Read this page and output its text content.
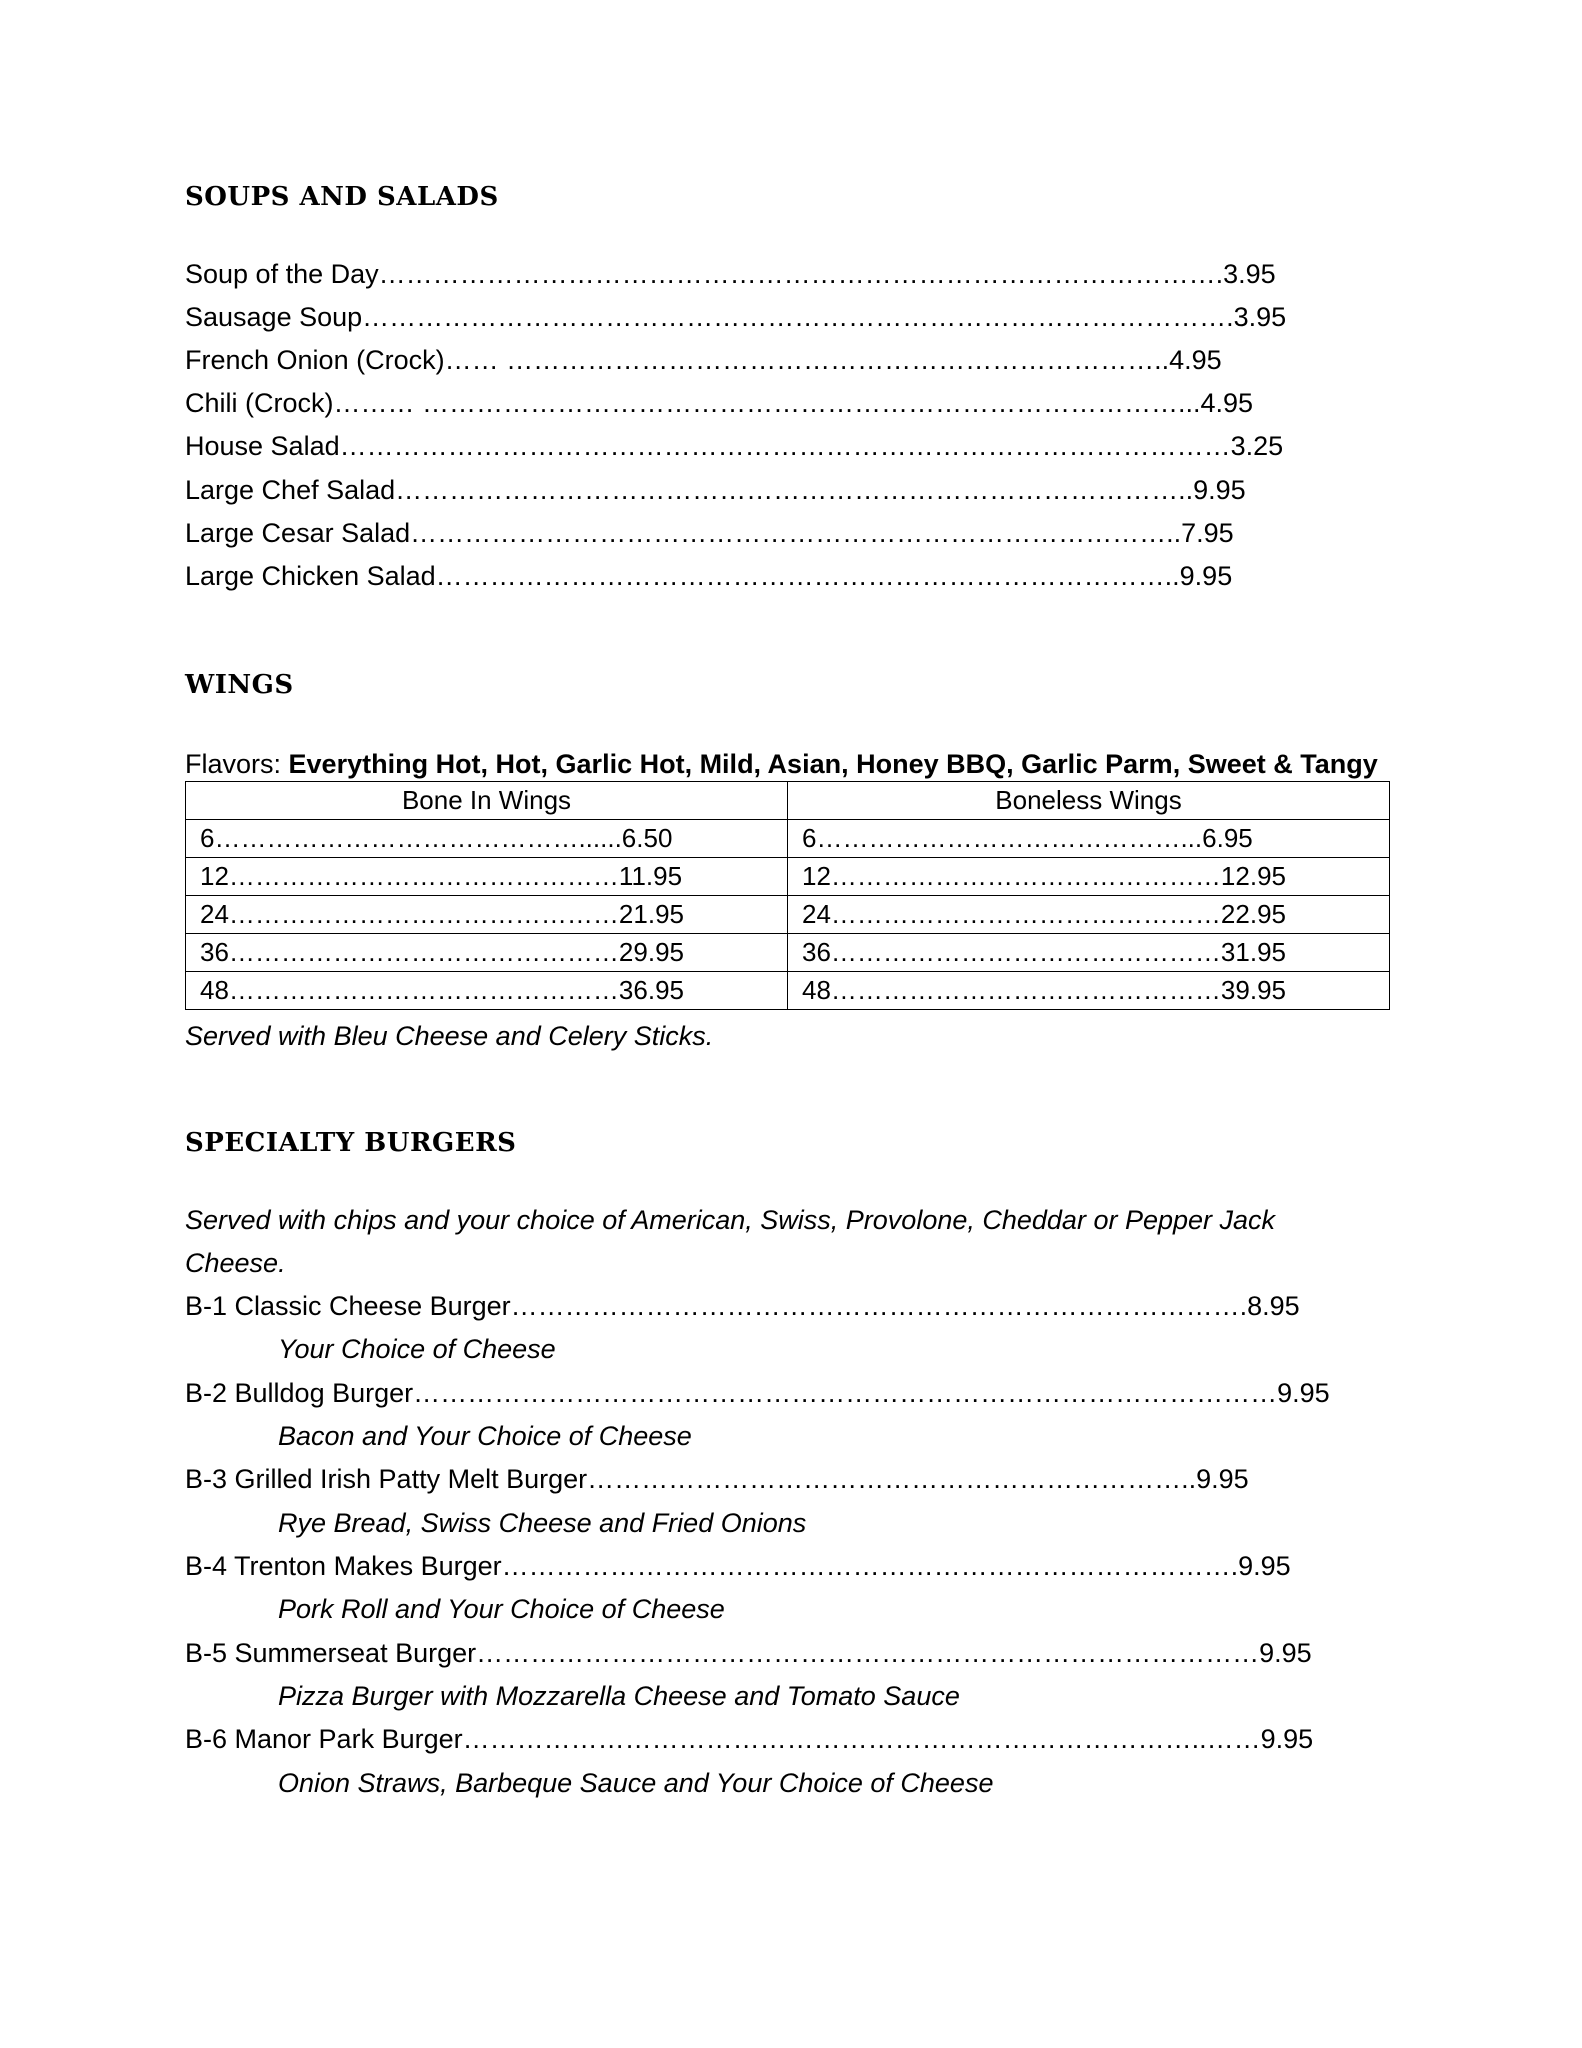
SOUPS AND SALADS
Soup of the Day………………………………………………………………………………….3.95
Sausage Soup…………………………………………………………………………………….3.95
French Onion (Crock)…… ………………………………………………………………..4.95
Chili (Crock)……… …………………………………………………………………………...4.95
House Salad………………………………………………………………………………………3.25
Large Chef Salad……………………………………………………………………………..9.95
Large Cesar Salad…………………………………………………………………………..7.95
Large Chicken Salad………………………………………………………………………..9.95
WINGS
Flavors: Everything Hot, Hot, Garlic Hot, Mild, Asian, Honey BBQ, Garlic Parm, Sweet & Tangy
Bone In Wings	Boneless Wings
6……………………………………......6.50	6……………………………………...6.95
12………………………………………11.95	12………………………………………12.95
24………………………………………21.95	24………………………………………22.95
36………………………………………29.95	36………………………………………31.95
48………………………………………36.95	48………………………………………39.95
Served with Bleu Cheese and Celery Sticks.
SPECIALTY BURGERS
Served with chips and your choice of American, Swiss, Provolone, Cheddar or Pepper Jack
Cheese.
B-1 Classic Cheese Burger……………………………………………………………………….8.95
Your Choice of Cheese
B-2 Bulldog Burger……………………………………………………………………………………9.95
Bacon and Your Choice of Cheese
B-3 Grilled Irish Patty Melt Burger…………………………………………………………..9.95
Rye Bread, Swiss Cheese and Fried Onions
B-4 Trenton Makes Burger……………………………………………………………………….9.95
Pork Roll and Your Choice of Cheese
B-5 Summerseat Burger……………………………………………………………………………9.95
Pizza Burger with Mozzarella Cheese and Tomato Sauce
B-6 Manor Park Burger………………………………………………………………………..……9.95
Onion Straws, Barbeque Sauce and Your Choice of Cheese
